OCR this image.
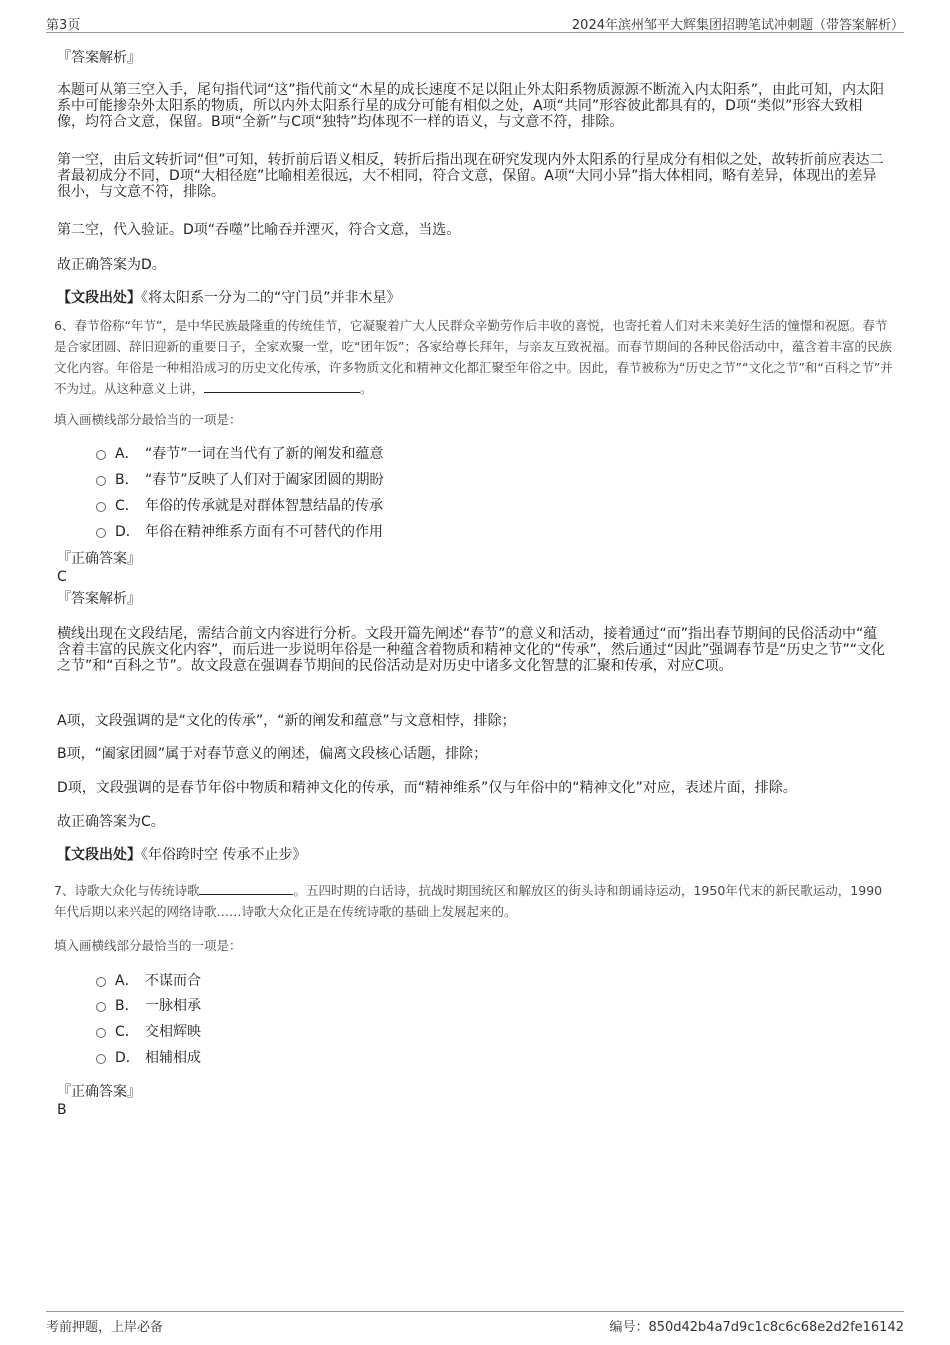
第3页	2024年滨州邹平大辉集团招聘笔试冲刺题（带答案解析）
『答案解析』
本题可从第三空入手，尾句指代词“这”指代前文“木星的成长速度不足以阻止外太阳系物质源源不断流入内太阳系”，由此可知，内太阳系中可能掺杂外太阳系的物质，所以内外太阳系行星的成分可能有相似之处，A项“共同”形容彼此都具有的，D项“类似”形容大致相像，均符合文意，保留。B项“全新”与C项“独特”均体现不一样的语义，与文意不符，排除。
第一空，由后文转折词“但”可知，转折前后语义相反，转折后指出现在研究发现内外太阳系的行星成分有相似之处，故转折前应表达二者最初成分不同，D项“大相径庭”比喻相差很远，大不相同，符合文意，保留。A项“大同小异”指大体相同，略有差异，体现出的差异很小，与文意不符，排除。
第二空，代入验证。D项“吞噬”比喻吞并湮灭，符合文意，当选。
故正确答案为D。
【文段出处】《将太阳系一分为二的“守门员”并非木星》
6、春节俗称“年节”，是中华民族最隆重的传统佳节，它凝聚着广大人民群众辛勤劳作后丰收的喜悦，也寄托着人们对未来美好生活的憧憬和祝愿。春节是合家团圆、辞旧迎新的重要日子，全家欢聚一堂，吃“团年饭”；各家给尊长拜年，与亲友互致祝福。而春节期间的各种民俗活动中，蕴含着丰富的民族文化内容。年俗是一种相沿成习的历史文化传承，许多物质文化和精神文化都汇聚至年俗之中。因此，春节被称为“历史之节”“文化之节”和“百科之节”并不为过。从这种意义上讲，	。
填入画横线部分最恰当的一项是：
A． “春节”一词在当代有了新的阐发和蕴意
B． “春节”反映了人们对于阖家团圆的期盼
C． 年俗的传承就是对群体智慧结晶的传承
D． 年俗在精神维系方面有不可替代的作用
『正确答案』
C
『答案解析』
横线出现在文段结尾，需结合前文内容进行分析。文段开篇先阐述“春节”的意义和活动，接着通过“而”指出春节期间的民俗活动中“蕴含着丰富的民族文化内容”，而后进一步说明年俗是一种蕴含着物质和精神文化的“传承”，然后通过“因此”强调春节是“历史之节”“文化之节”和“百科之节”。故文段意在强调春节期间的民俗活动是对历史中诸多文化智慧的汇聚和传承，对应C项。
A项，文段强调的是“文化的传承”，“新的阐发和蕴意”与文意相悖，排除；
B项，“阖家团圆”属于对春节意义的阐述，偏离文段核心话题，排除；
D项，文段强调的是春节年俗中物质和精神文化的传承，而“精神维系”仅与年俗中的“精神文化”对应，表述片面，排除。
故正确答案为C。
【文段出处】《年俗跨时空 传承不止步》
7、诗歌大众化与传统诗歌	。五四时期的白话诗，抗战时期国统区和解放区的街头诗和朗诵诗运动，1950年代末的新民歌运动，1990年代后期以来兴起的网络诗歌……诗歌大众化正是在传统诗歌的基础上发展起来的。
填入画横线部分最恰当的一项是：
A． 不谋而合
B． 一脉相承
C． 交相辉映
D． 相辅相成
『正确答案』
B
考前押题，上岸必备	编号：850d42b4a7d9c1c8c6c68e2d2fe16142
